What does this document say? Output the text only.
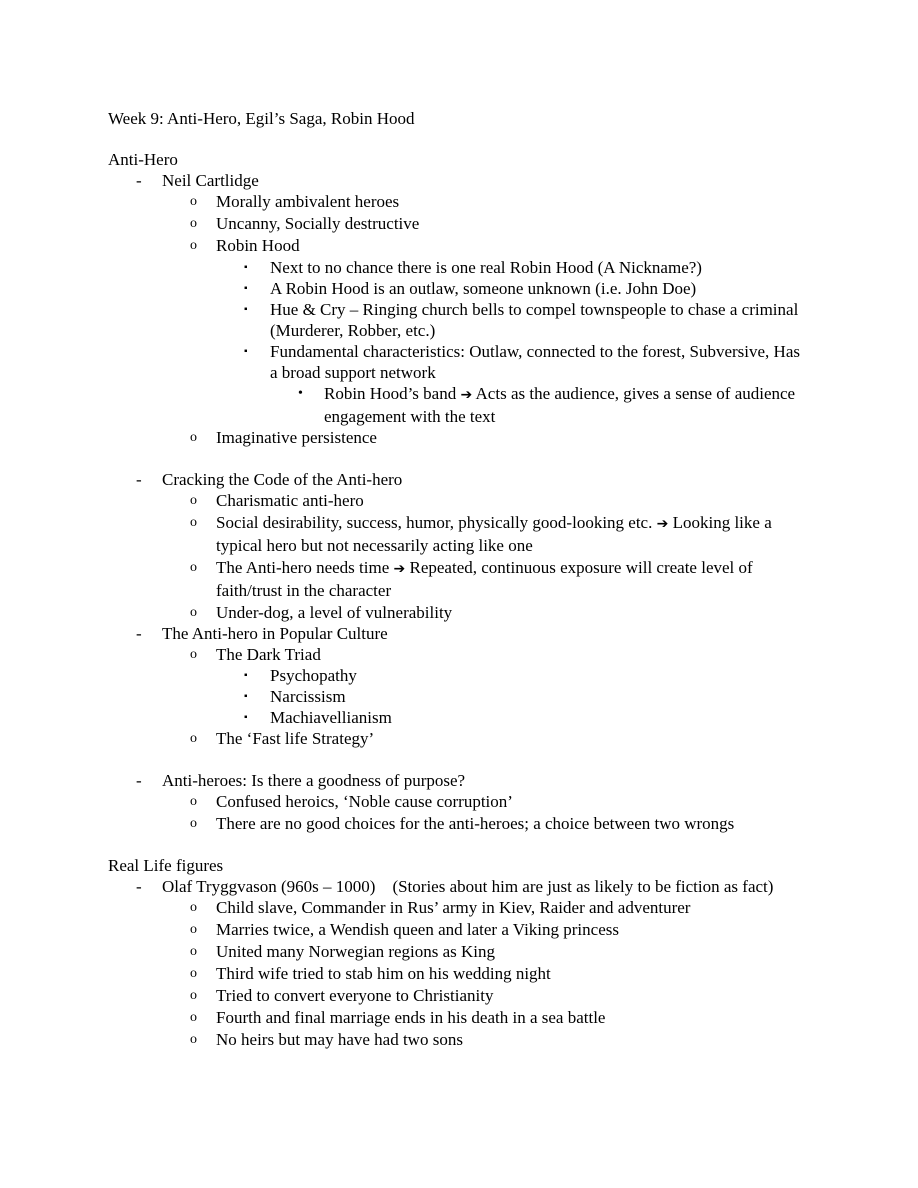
Week 9: Anti-Hero, Egil’s Saga, Robin Hood
Anti-Hero
-	Neil Cartlidge
o	Morally ambivalent heroes
o	Uncanny, Socially destructive
o	Robin Hood
▪	Next to no chance there is one real Robin Hood (A Nickname?)
▪	A Robin Hood is an outlaw, someone unknown (i.e. John Doe)
▪	Hue & Cry – Ringing church bells to compel townspeople to chase a criminal (Murderer, Robber, etc.)
▪	Fundamental characteristics: Outlaw, connected to the forest, Subversive, Has a broad support network
•	Robin Hood’s band ➔ Acts as the audience, gives a sense of audience engagement with the text
o	Imaginative persistence
-	Cracking the Code of the Anti-hero
o	Charismatic anti-hero
o	Social desirability, success, humor, physically good-looking etc. ➔ Looking like a typical hero but not necessarily acting like one
o	The Anti-hero needs time ➔ Repeated, continuous exposure will create level of faith/trust in the character
o	Under-dog, a level of vulnerability
-	The Anti-hero in Popular Culture
o	The Dark Triad
▪	Psychopathy
▪	Narcissism
▪	Machiavellianism
o	The ‘Fast life Strategy’
-	Anti-heroes: Is there a goodness of purpose?
o	Confused heroics, ‘Noble cause corruption’
o	There are no good choices for the anti-heroes; a choice between two wrongs
Real Life figures
-	Olaf Tryggvason (960s – 1000)    (Stories about him are just as likely to be fiction as fact)
o	Child slave, Commander in Rus’ army in Kiev, Raider and adventurer
o	Marries twice, a Wendish queen and later a Viking princess
o	United many Norwegian regions as King
o	Third wife tried to stab him on his wedding night
o	Tried to convert everyone to Christianity
o	Fourth and final marriage ends in his death in a sea battle
o	No heirs but may have had two sons
